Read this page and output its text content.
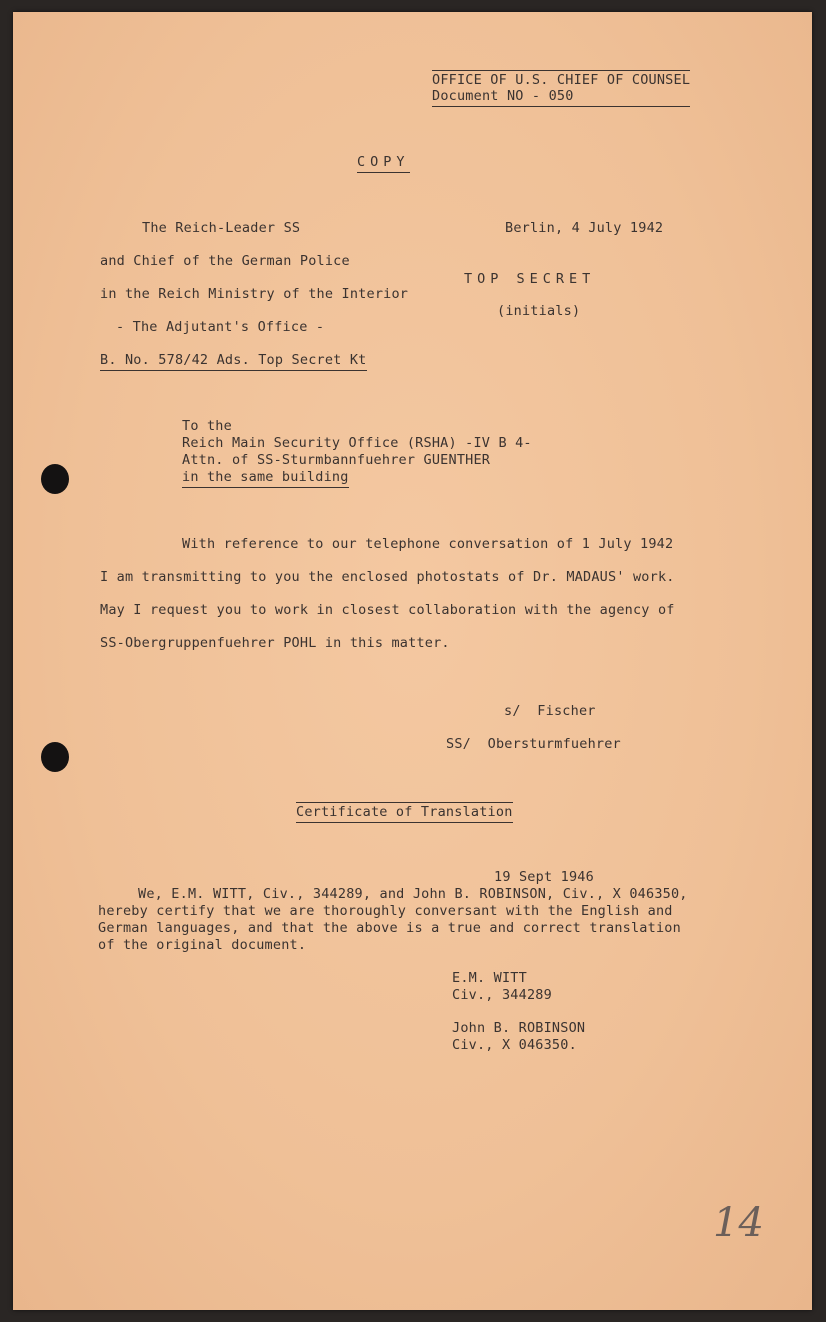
OFFICE OF U.S. CHIEF OF COUNSEL
Document NO - 050
COPY
The Reich-Leader SS
and Chief of the German Police
in the Reich Ministry of the Interior
- The Adjutant's Office -
B. No. 578/42 Ads. Top Secret Kt
Berlin, 4 July 1942
TOP SECRET
(initials)
To the
Reich Main Security Office (RSHA) -IV B 4-
Attn. of SS-Sturmbannfuehrer GUENTHER
in the same building
With reference to our telephone conversation of 1 July 1942
I am transmitting to you the enclosed photostats of Dr. MADAUS' work.
May I request you to work in closest collaboration with the agency of
SS-Obergruppenfuehrer POHL in this matter.
s/  Fischer
SS/  Obersturmfuehrer
Certificate of Translation
19 Sept 1946
We, E.M. WITT, Civ., 344289, and John B. ROBINSON, Civ., X 046350,
hereby certify that we are thoroughly conversant with the English and
German languages, and that the above is a true and correct translation
of the original document.
E.M. WITT
Civ., 344289
John B. ROBINSON
Civ., X 046350.
14
